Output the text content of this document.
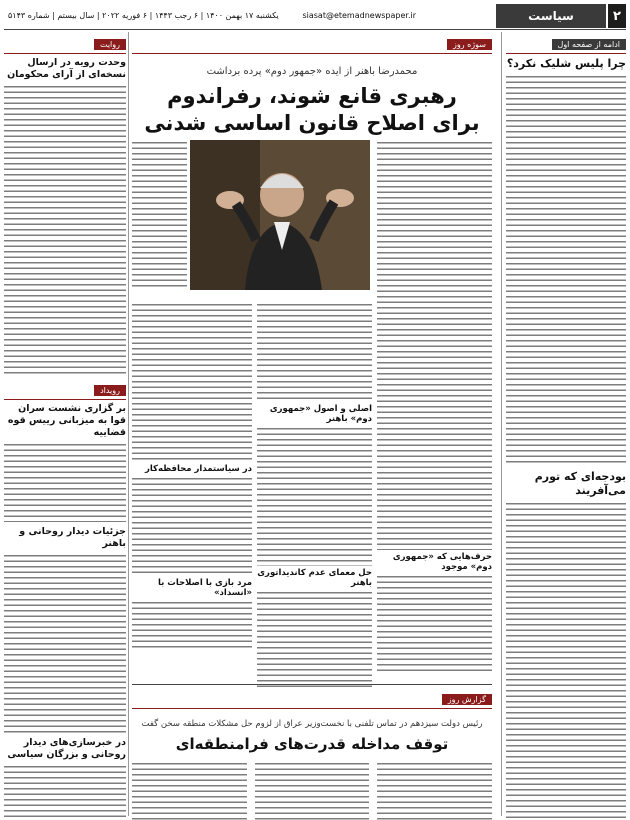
۲
سیاست
siasat@etemadnewspaper.ir
یکشنبه ۱۷ بهمن ۱۴۰۰ | ۶ رجب ۱۴۴۳ | ۶ فوریه ۲۰۲۲ | سال بیستم | شماره ۵۱۴۳
ادامه از صفحه اول
چرا پلیس شلیک نکرد؟
بودجه‌ای که تورم می‌آفریند
سوژه روز
محمدرضا باهنر از ایده «جمهور دوم» پرده برداشت
رهبری قانع شوند، رفراندوم
برای اصلاح قانون اساسی شدنی
حرف‌هایی که «جمهوری دوم» موجود
اصلی و اصول «جمهوری دوم» باهنر
حل معمای عدم کاندیداتوری باهنر
در سیاستمدار محافظه‌کار
مرد بازی با اصلاحات با «انسداد»
گزارش روز
رئیس دولت سیزدهم در تماس تلفنی با نخست‌وزیر عراق از لزوم حل مشکلات منطقه سخن گفت
توقف مداخله قدرت‌های فرامنطقه‌ای
روایت
وحدت رویه در ارسال نسخه‌ای از آرای محکومان
رویداد
بر گزاری نشست سران قوا به میزبانی رییس قوه قضاییه
جزئیات دیدار روحانی و باهنر
در خبرسازی‌های دیدار روحانی و بزرگان سیاسی
